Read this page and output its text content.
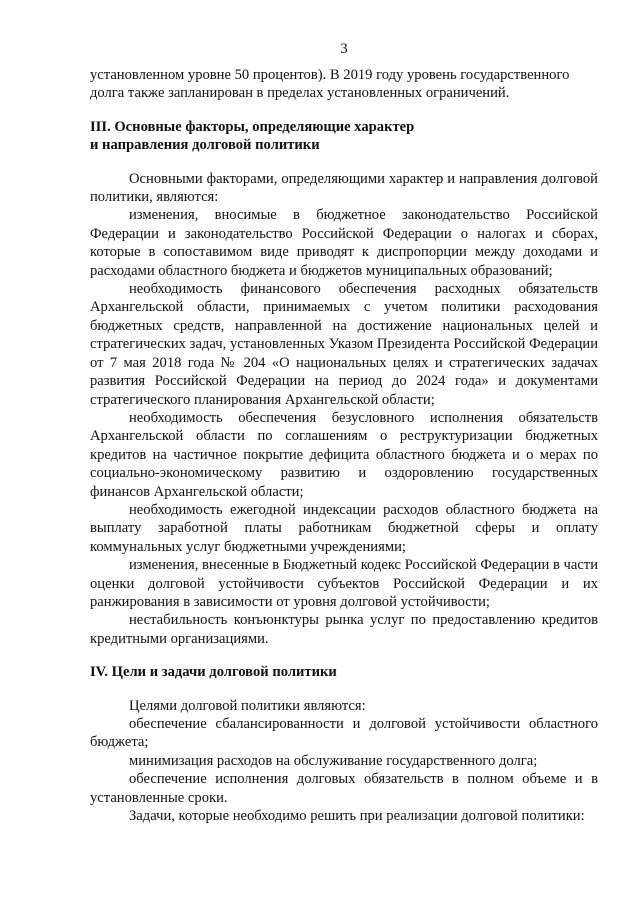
3

установленном уровне 50 процентов). В 2019 году уровень государственного

долга также запланирован в пределах установленных ограничений.

III. Основные факторы, определяющие характер

и направления долговой политики

Основными факторами, определяющими характер и направления долговой политики, являются:

изменения, вносимые в бюджетное законодательство Российской Федерации и законодательство Российской Федерации о налогах и сборах, которые в сопоставимом виде приводят к диспропорции между доходами и расходами областного бюджета и бюджетов муниципальных образований;

необходимость финансового обеспечения расходных обязательств Архангельской области, принимаемых с учетом политики расходования бюджетных средств, направленной на достижение национальных целей и стратегических задач, установленных Указом Президента Российской Федерации от 7 мая 2018 года № 204 «О национальных целях и стратегических задачах развития Российской Федерации на период до 2024 года» и документами стратегического планирования Архангельской области;

необходимость обеспечения безусловного исполнения обязательств Архангельской области по соглашениям о реструктуризации бюджетных кредитов на частичное покрытие дефицита областного бюджета и о мерах по социально-экономическому развитию и оздоровлению государственных финансов Архангельской области;

необходимость ежегодной индексации расходов областного бюджета на выплату заработной платы работникам бюджетной сферы и оплату коммунальных услуг бюджетными учреждениями;

изменения, внесенные в Бюджетный кодекс Российской Федерации в части оценки долговой устойчивости субъектов Российской Федерации и их ранжирования в зависимости от уровня долговой устойчивости;

нестабильность конъюнктуры рынка услуг по предоставлению кредитов кредитными организациями.

IV. Цели и задачи долговой политики

Целями долговой политики являются:

обеспечение сбалансированности и долговой устойчивости областного бюджета;

минимизация расходов на обслуживание государственного долга;

обеспечение исполнения долговых обязательств в полном объеме и в установленные сроки.

Задачи, которые необходимо решить при реализации долговой политики:
